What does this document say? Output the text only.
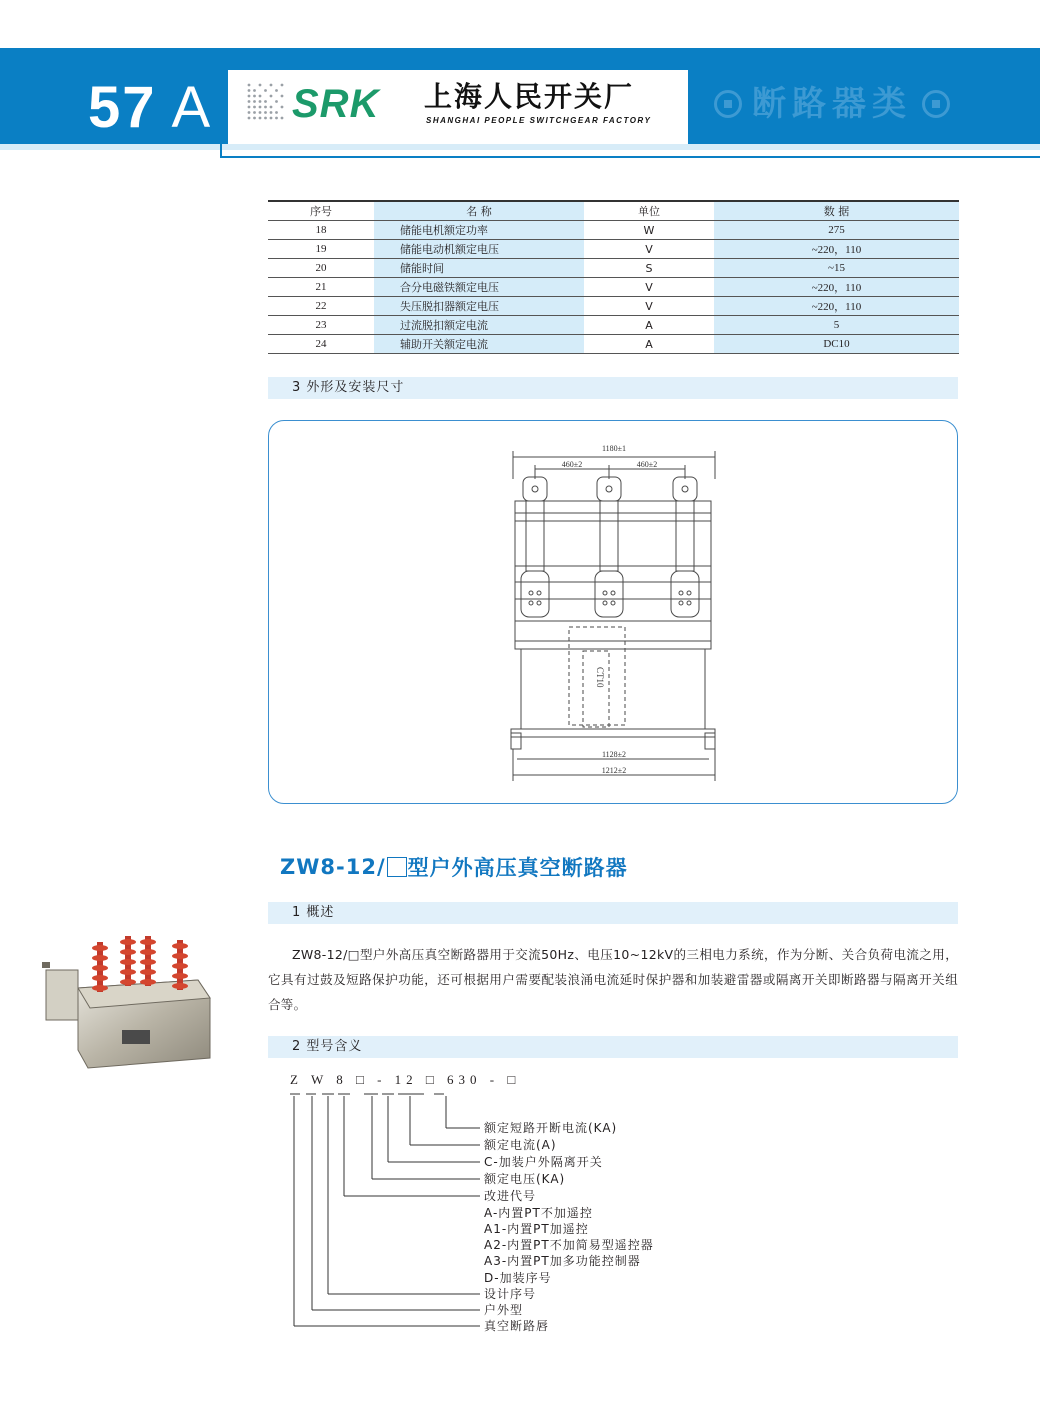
57 A SRK 上海人民开关厂
SHANGHAI PEOPLE SWITCHGEAR FACTORY	断路器类
序号	名 称	单位	数 据
18	储能电机额定功率	W	275
19	储能电动机额定电压	V	~220，110
20	储能时间	S	~15
21	合分电磁铁额定电压	V	~220，110
22	失压脱扣器额定电压	V	~220，110
23	过流脱扣额定电流	A	5
24	辅助开关额定电流	A	DC10
3 外形及安装尺寸
1180±1
460±2	460±2
1128±2
1212±2
CT10
ZW8-12/ 型户外高压真空断路器
1 概述
ZW8-12/□型户外高压真空断路器用于交流50Hz、电压10~12kV的三相电力系统，作为分断、关合负荷电流之用，它具有过鼓及短路保护功能，还可根据用户需要配装浪涌电流延时保护器和加装避雷器或隔离开关即断路器与隔离开关组合等。
2 型号含义
Z W 8 □ - 12 □ 630 - □
额定短路开断电流(KA)
额定电流(A)
C-加装户外隔离开关
额定电压(KA)
改进代号
A-内置PT不加遥控
A1-内置PT加遥控
A2-内置PT不加简易型遥控器
A3-内置PT加多功能控制器
D-加装序号
设计序号
户外型
真空断路唇
